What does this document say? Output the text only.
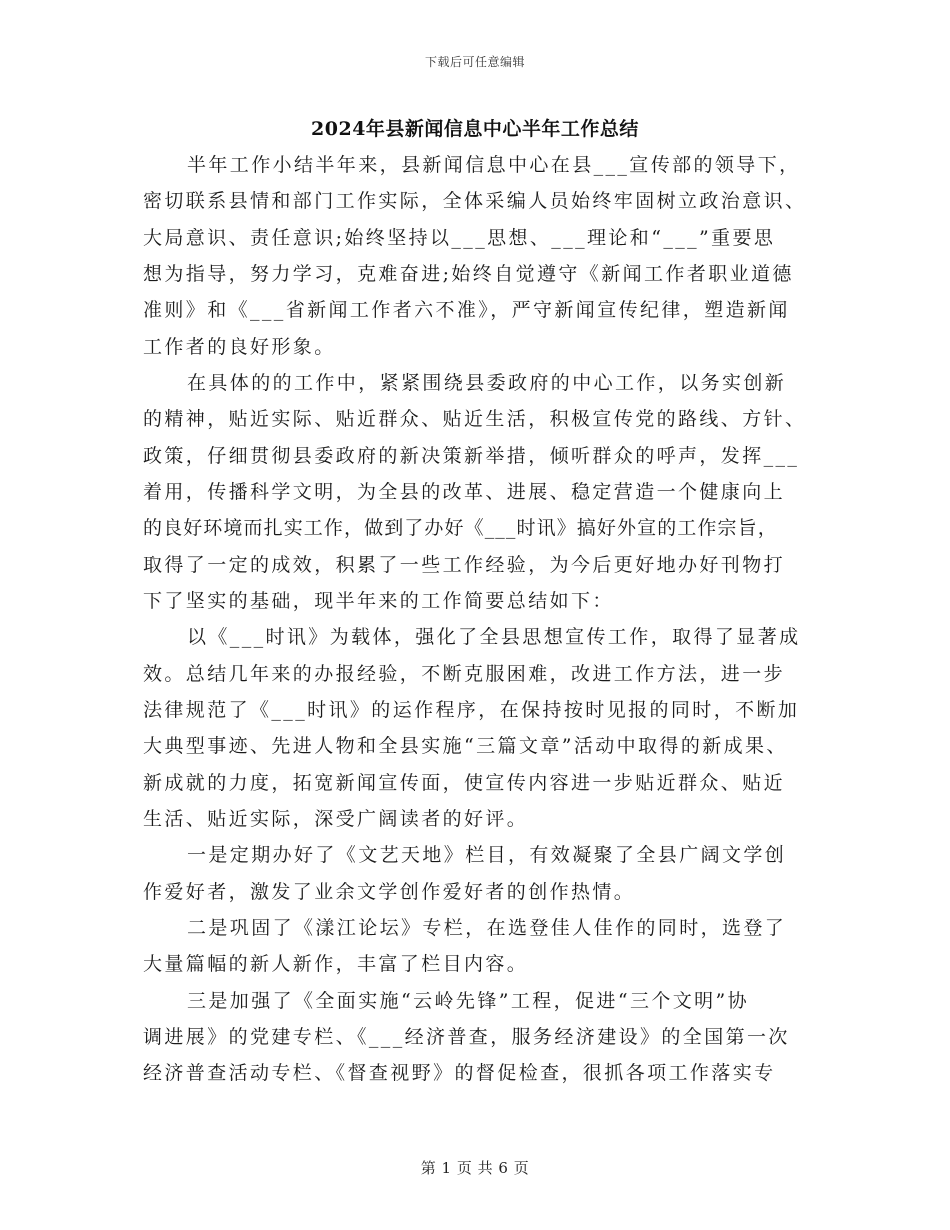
下载后可任意编辑
2024年县新闻信息中心半年工作总结
半年工作小结半年来，县新闻信息中心在县___宣传部的领导下，
密切联系县情和部门工作实际，全体采编人员始终牢固树立政治意识、
大局意识、责任意识;始终坚持以___思想、___理论和“___”重要思
想为指导，努力学习，克难奋进;始终自觉遵守《新闻工作者职业道德
准则》和《___省新闻工作者六不准》，严守新闻宣传纪律，塑造新闻
工作者的良好形象。
在具体的的工作中，紧紧围绕县委政府的中心工作，以务实创新
的精神，贴近实际、贴近群众、贴近生活，积极宣传党的路线、方针、
政策，仔细贯彻县委政府的新决策新举措，倾听群众的呼声，发挥___
着用，传播科学文明，为全县的改革、进展、稳定营造一个健康向上
的良好环境而扎实工作，做到了办好《___时讯》搞好外宣的工作宗旨，
取得了一定的成效，积累了一些工作经验，为今后更好地办好刊物打
下了坚实的基础，现半年来的工作简要总结如下：
以《___时讯》为载体，强化了全县思想宣传工作，取得了显著成
效。总结几年来的办报经验，不断克服困难，改进工作方法，进一步
法律规范了《___时讯》的运作程序，在保持按时见报的同时，不断加
大典型事迹、先进人物和全县实施“三篇文章”活动中取得的新成果、
新成就的力度，拓宽新闻宣传面，使宣传内容进一步贴近群众、贴近
生活、贴近实际，深受广阔读者的好评。
一是定期办好了《文艺天地》栏目，有效凝聚了全县广阔文学创
作爱好者，激发了业余文学创作爱好者的创作热情。
二是巩固了《漾江论坛》专栏，在选登佳人佳作的同时，选登了
大量篇幅的新人新作，丰富了栏目内容。
三是加强了《全面实施“云岭先锋”工程，促进“三个文明”协
调进展》的党建专栏、《___经济普查，服务经济建设》的全国第一次
经济普查活动专栏、《督查视野》的督促检查，很抓各项工作落实专
第 1 页 共 6 页
